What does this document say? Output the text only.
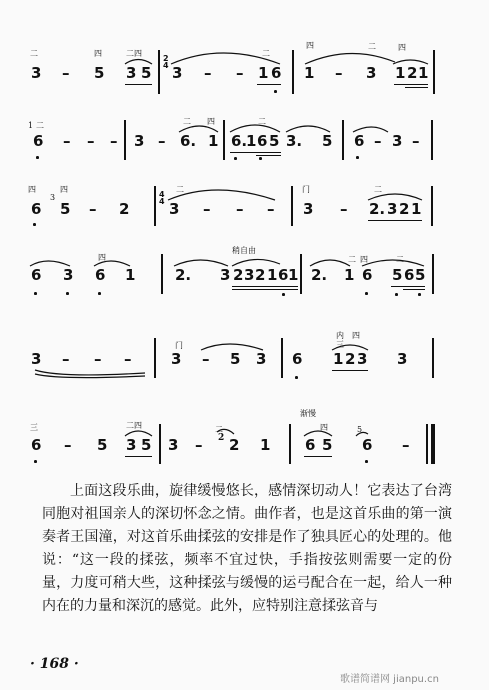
二	四	二四	二
四	二	四
3 – 5 3 5
2
4 3 – – 1 6 1 – 3 1 2 1
1 二	二 四	二
6 – – – 3 – 6. 1 6.
1 6 5 3. 5 6 – 3 –
四	四
3
二	门	二
6 5 – 2
4
4 3 – – – 3 – 2. 3 2 1
四
稍自由
二 四	二
6 3 6 1	2. 3 2 3 2 1 6 1 2. 1 6 5 6 5
门
内
三
四
3 – – –	3 – 5 3 6 1 2 3 3
三	二四	二
渐慢
四	5
6 – 5 3 5 3 – 2 2 1 6 5 6 –

上面这段乐曲，旋律缓慢悠长，感情深切动人！它表达了台湾同胞对祖国亲人的深切怀念之情。曲作者，也是这首乐曲的第一演奏者王国潼，对这首乐曲揉弦的安排是作了独具匠心的处理的。他说：“这一段的揉弦，频率不宜过快，手指按弦则需要一定的份量，力度可稍大些，这种揉弦与缓慢的运弓配合在一起，给人一种内在的力量和深沉的感觉。此外，应特别注意揉弦音与

· 168 ·
歌谱简谱网 jianpu.cn
